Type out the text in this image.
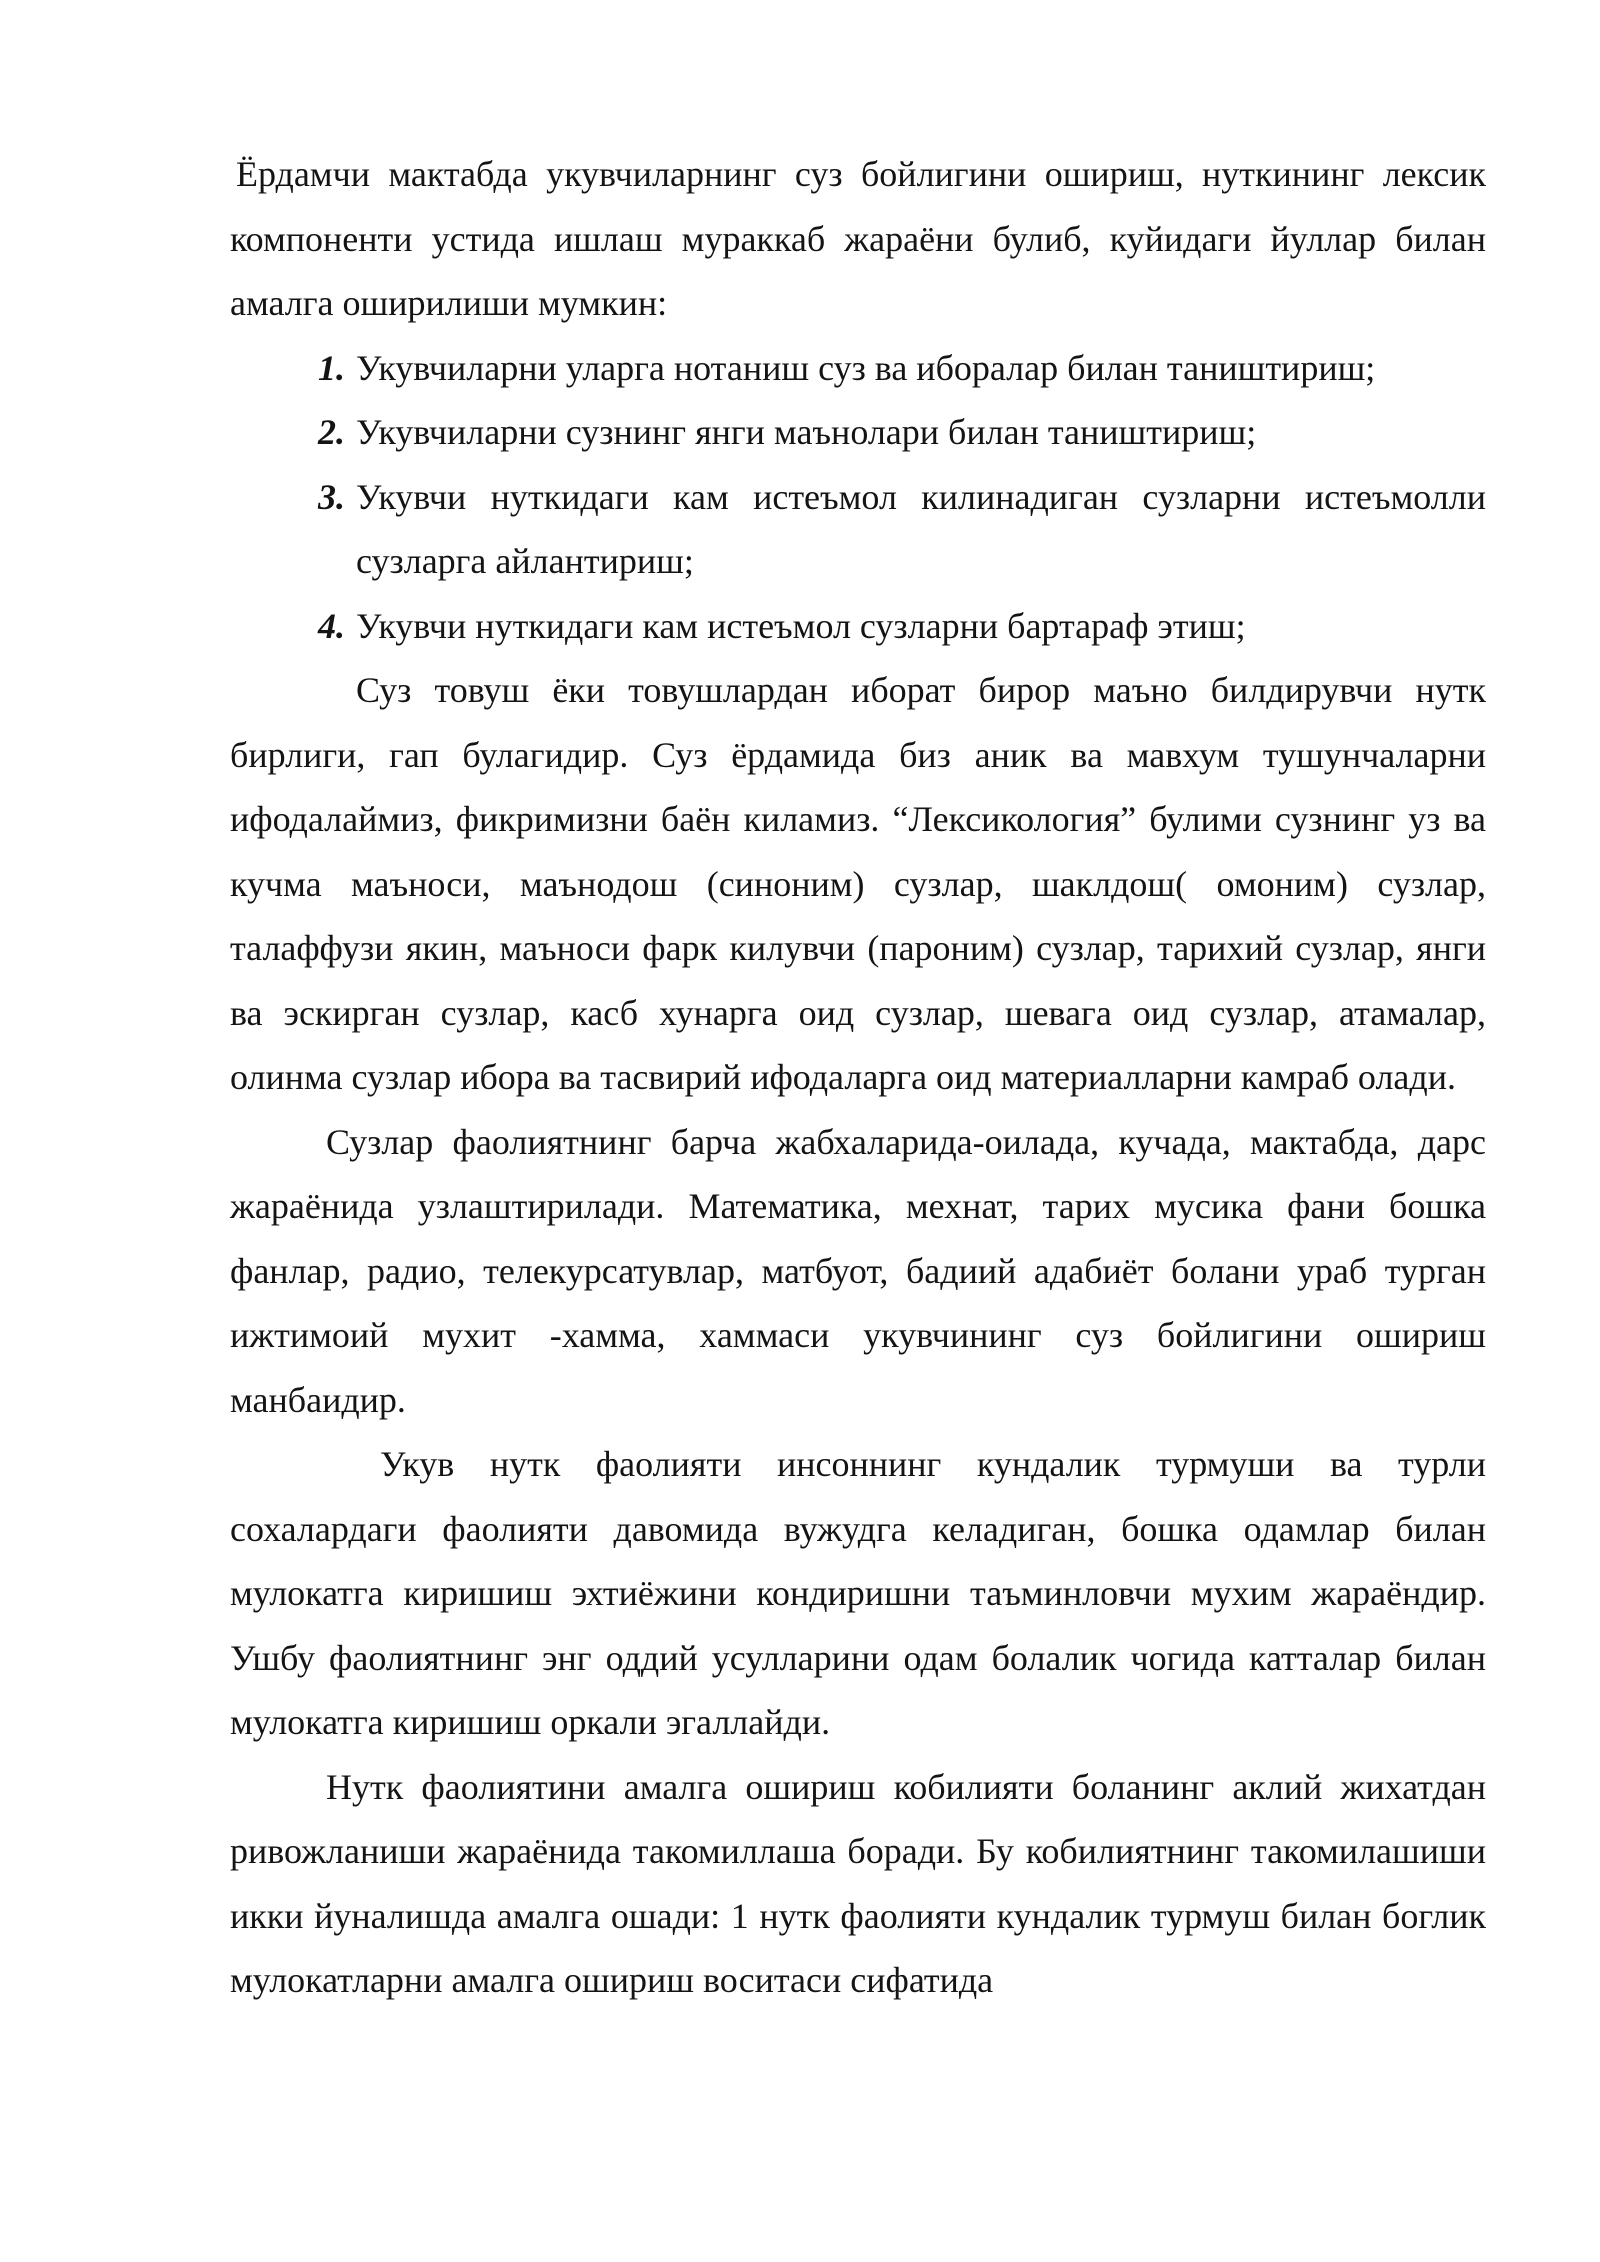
Ёрдамчи мактабда укувчиларнинг суз бойлигини ошириш, нуткининг лексик компоненти устида ишлаш мураккаб жараёни булиб, куйидаги йуллар билан амалга оширилиши мумкин:

1. Укувчиларни уларга нотаниш суз ва иборалар билан таништириш;
2. Укувчиларни сузнинг янги маънолари билан таништириш;
3. Укувчи нуткидаги кам истеъмол килинадиган сузларни истеъмолли сузларга айлантириш;
4. Укувчи нуткидаги кам истеъмол сузларни бартараф этиш;

Суз товуш ёки товушлардан иборат бирор маъно билдирувчи нутк бирлиги, гап булагидир. Суз ёрдамида биз аник ва мавхум тушунчаларни ифодалаймиз, фикримизни баён киламиз. “Лексикология” булими сузнинг уз ва кучма маъноси, маънодош (синоним) сузлар, шаклдош( омоним) сузлар, талаффузи якин, маъноси фарк килувчи (пароним) сузлар, тарихий сузлар, янги ва эскирган сузлар, касб хунарга оид сузлар, шевага оид сузлар, атамалар, олинма сузлар ибора ва тасвирий ифодаларга оид материалларни камраб олади.

Сузлар фаолиятнинг барча жабхаларида-оилада, кучада, мактабда, дарс жараёнида узлаштирилади. Математика, мехнат, тарих мусика фани бошка фанлар, радио, телекурсатувлар, матбуот, бадиий адабиёт болани ураб турган ижтимоий мухит -хамма, хаммаси укувчининг суз бойлигини ошириш манбаидир.

Укув нутк фаолияти инсоннинг кундалик турмуши ва турли сохалардаги фаолияти давомида вужудга келадиган, бошка одамлар билан мулокатга киришиш эхтиёжини кондиришни таъминловчи мухим жараёндир. Ушбу фаолиятнинг энг оддий усулларини одам болалик чогида катталар билан мулокатга киришиш оркали эгаллайди.

Нутк фаолиятини амалга ошириш кобилияти боланинг аклий жихатдан ривожланиши жараёнида такомиллаша боради. Бу кобилиятнинг такомилашиши икки йуналишда амалга ошади: 1 нутк фаолияти кундалик турмуш билан боглик мулокатларни амалга ошириш воситаси сифатида
